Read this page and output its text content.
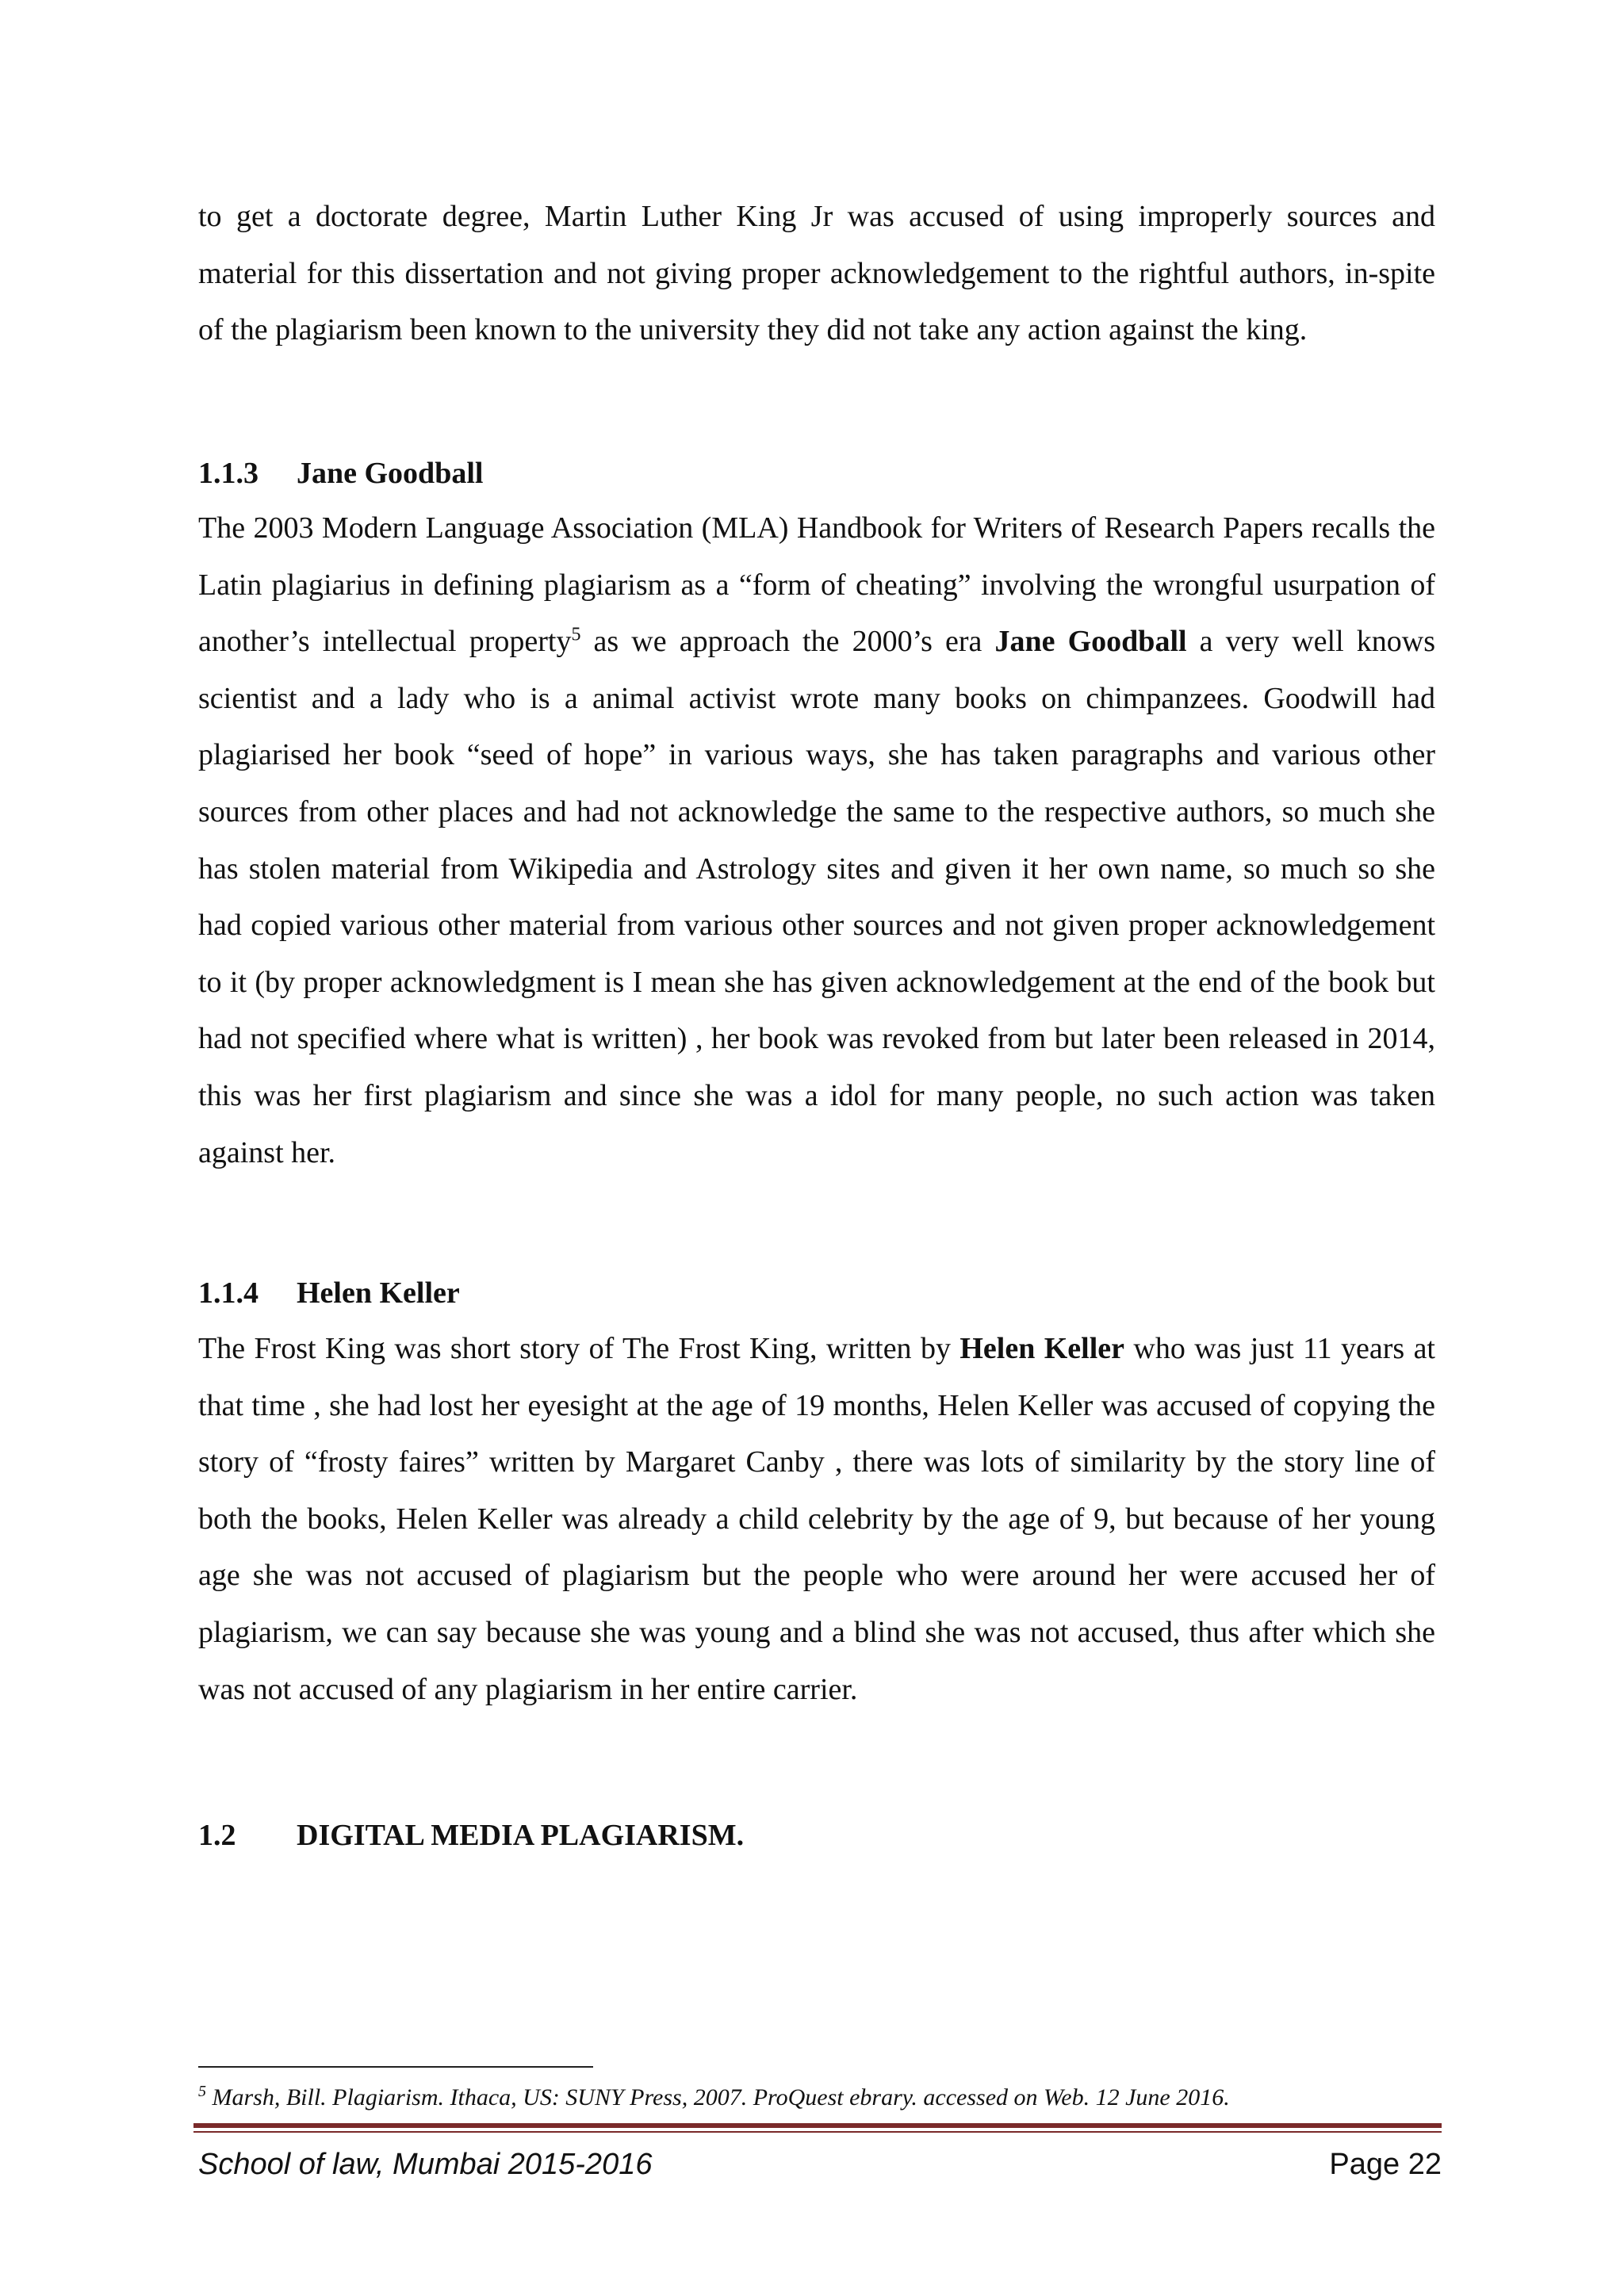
to get a doctorate degree, Martin Luther King Jr was accused of using improperly sources and material for this dissertation and not giving proper acknowledgement to the rightful authors, in-spite of the plagiarism been known to the university they did not take any action against the king.

1.1.3 Jane Goodball

The 2003 Modern Language Association (MLA) Handbook for Writers of Research Papers recalls the Latin plagiarius in defining plagiarism as a “form of cheating” involving the wrongful usurpation of another’s intellectual property$^5$ as we approach the 2000’s era Jane Goodball a very well knows scientist and a lady who is a animal activist wrote many books on chimpanzees. Goodwill had plagiarised her book “seed of hope” in various ways, she has taken paragraphs and various other sources from other places and had not acknowledge the same to the respective authors, so much she has stolen material from Wikipedia and Astrology sites and given it her own name, so much so she had copied various other material from various other sources and not given proper acknowledgement to it (by proper acknowledgment is I mean she has given acknowledgement at the end of the book but had not specified where what is written) , her book was revoked from but later been released in 2014, this was her first plagiarism and since she was a idol for many people, no such action was taken against her.

1.1.4 Helen Keller

The Frost King was short story of The Frost King, written by Helen Keller who was just 11 years at that time , she had lost her eyesight at the age of 19 months, Helen Keller was accused of copying the story of “frosty faires” written by Margaret Canby , there was lots of similarity by the story line of both the books, Helen Keller was already a child celebrity by the age of 9, but because of her young age she was not accused of plagiarism but the people who were around her were accused her of plagiarism, we can say because she was young and a blind she was not accused, thus after which she was not accused of any plagiarism in her entire carrier.

1.2 DIGITAL MEDIA PLAGIARISM.

$^5$ Marsh, Bill. Plagiarism. Ithaca, US: SUNY Press, 2007. ProQuest ebrary. accessed on Web. 12 June 2016.
School of law, Mumbai 2015-2016	Page 22
